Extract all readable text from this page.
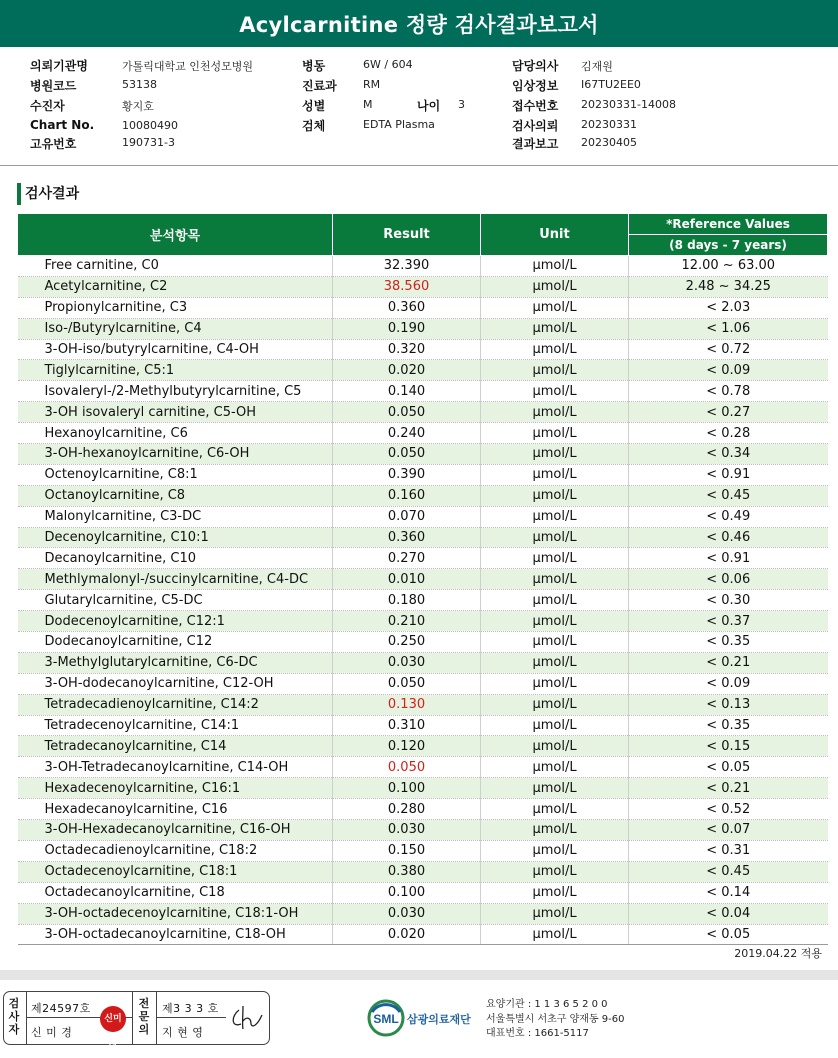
Acylcarnitine 정량 검사결과보고서
의뢰기관명	가톨릭대학교 인천성모병원
병원코드	53138
수진자	황지호
Chart No.	10080490
고유번호	190731-3
병동	6W / 604
진료과 RM
성별	M	나이 3
검체	EDTA Plasma
담당의사 김재원
임상정보 I67TU2EE0
접수번호 20230331-14008
검사의뢰 20230331
결과보고 20230405
검사결과
분석항목	Result	Unit	*Reference Values
			(8 days - 7 years)
Free carnitine, C0	32.390	μmol/L	12.00 ~ 63.00
Acetylcarnitine, C2	38.560	μmol/L	2.48 ~ 34.25
Propionylcarnitine, C3	0.360	μmol/L	< 2.03
Iso-/Butyrylcarnitine, C4	0.190	μmol/L	< 1.06
3-OH-iso/butyrylcarnitine, C4-OH	0.320	μmol/L	< 0.72
Tiglylcarnitine, C5:1	0.020	μmol/L	< 0.09
Isovaleryl-/2-Methylbutyrylcarnitine, C5	0.140	μmol/L	< 0.78
3-OH isovaleryl carnitine, C5-OH	0.050	μmol/L	< 0.27
Hexanoylcarnitine, C6	0.240	μmol/L	< 0.28
3-OH-hexanoylcarnitine, C6-OH	0.050	μmol/L	< 0.34
Octenoylcarnitine, C8:1	0.390	μmol/L	< 0.91
Octanoylcarnitine, C8	0.160	μmol/L	< 0.45
Malonylcarnitine, C3-DC	0.070	μmol/L	< 0.49
Decenoylcarnitine, C10:1	0.360	μmol/L	< 0.46
Decanoylcarnitine, C10	0.270	μmol/L	< 0.91
Methlymalonyl-/succinylcarnitine, C4-DC	0.010	μmol/L	< 0.06
Glutarylcarnitine, C5-DC	0.180	μmol/L	< 0.30
Dodecenoylcarnitine, C12:1	0.210	μmol/L	< 0.37
Dodecanoylcarnitine, C12	0.250	μmol/L	< 0.35
3-Methylglutarylcarnitine, C6-DC	0.030	μmol/L	< 0.21
3-OH-dodecanoylcarnitine, C12-OH	0.050	μmol/L	< 0.09
Tetradecadienoylcarnitine, C14:2	0.130	μmol/L	< 0.13
Tetradecenoylcarnitine, C14:1	0.310	μmol/L	< 0.35
Tetradecanoylcarnitine, C14	0.120	μmol/L	< 0.15
3-OH-Tetradecanoylcarnitine, C14-OH	0.050	μmol/L	< 0.05
Hexadecenoylcarnitine, C16:1	0.100	μmol/L	< 0.21
Hexadecanoylcarnitine, C16	0.280	μmol/L	< 0.52
3-OH-Hexadecanoylcarnitine, C16-OH	0.030	μmol/L	< 0.07
Octadecadienoylcarnitine, C18:2	0.150	μmol/L	< 0.31
Octadecenoylcarnitine, C18:1	0.380	μmol/L	< 0.45
Octadecanoylcarnitine, C18	0.100	μmol/L	< 0.14
3-OH-octadecenoylcarnitine, C18:1-OH	0.030	μmol/L	< 0.04
3-OH-octadecanoylcarnitine, C18-OH	0.020	μmol/L	< 0.05
2019.04.22 적용
검사자
제24597호
신 미 경
신미경
전문의
제3 3 3 호
지 현 영
SML 삼광의료재단
요양기관 : 1 1 3 6 5 2 0 0
서울특별시 서초구 양재동 9-60
대표번호 : 1661-5117
